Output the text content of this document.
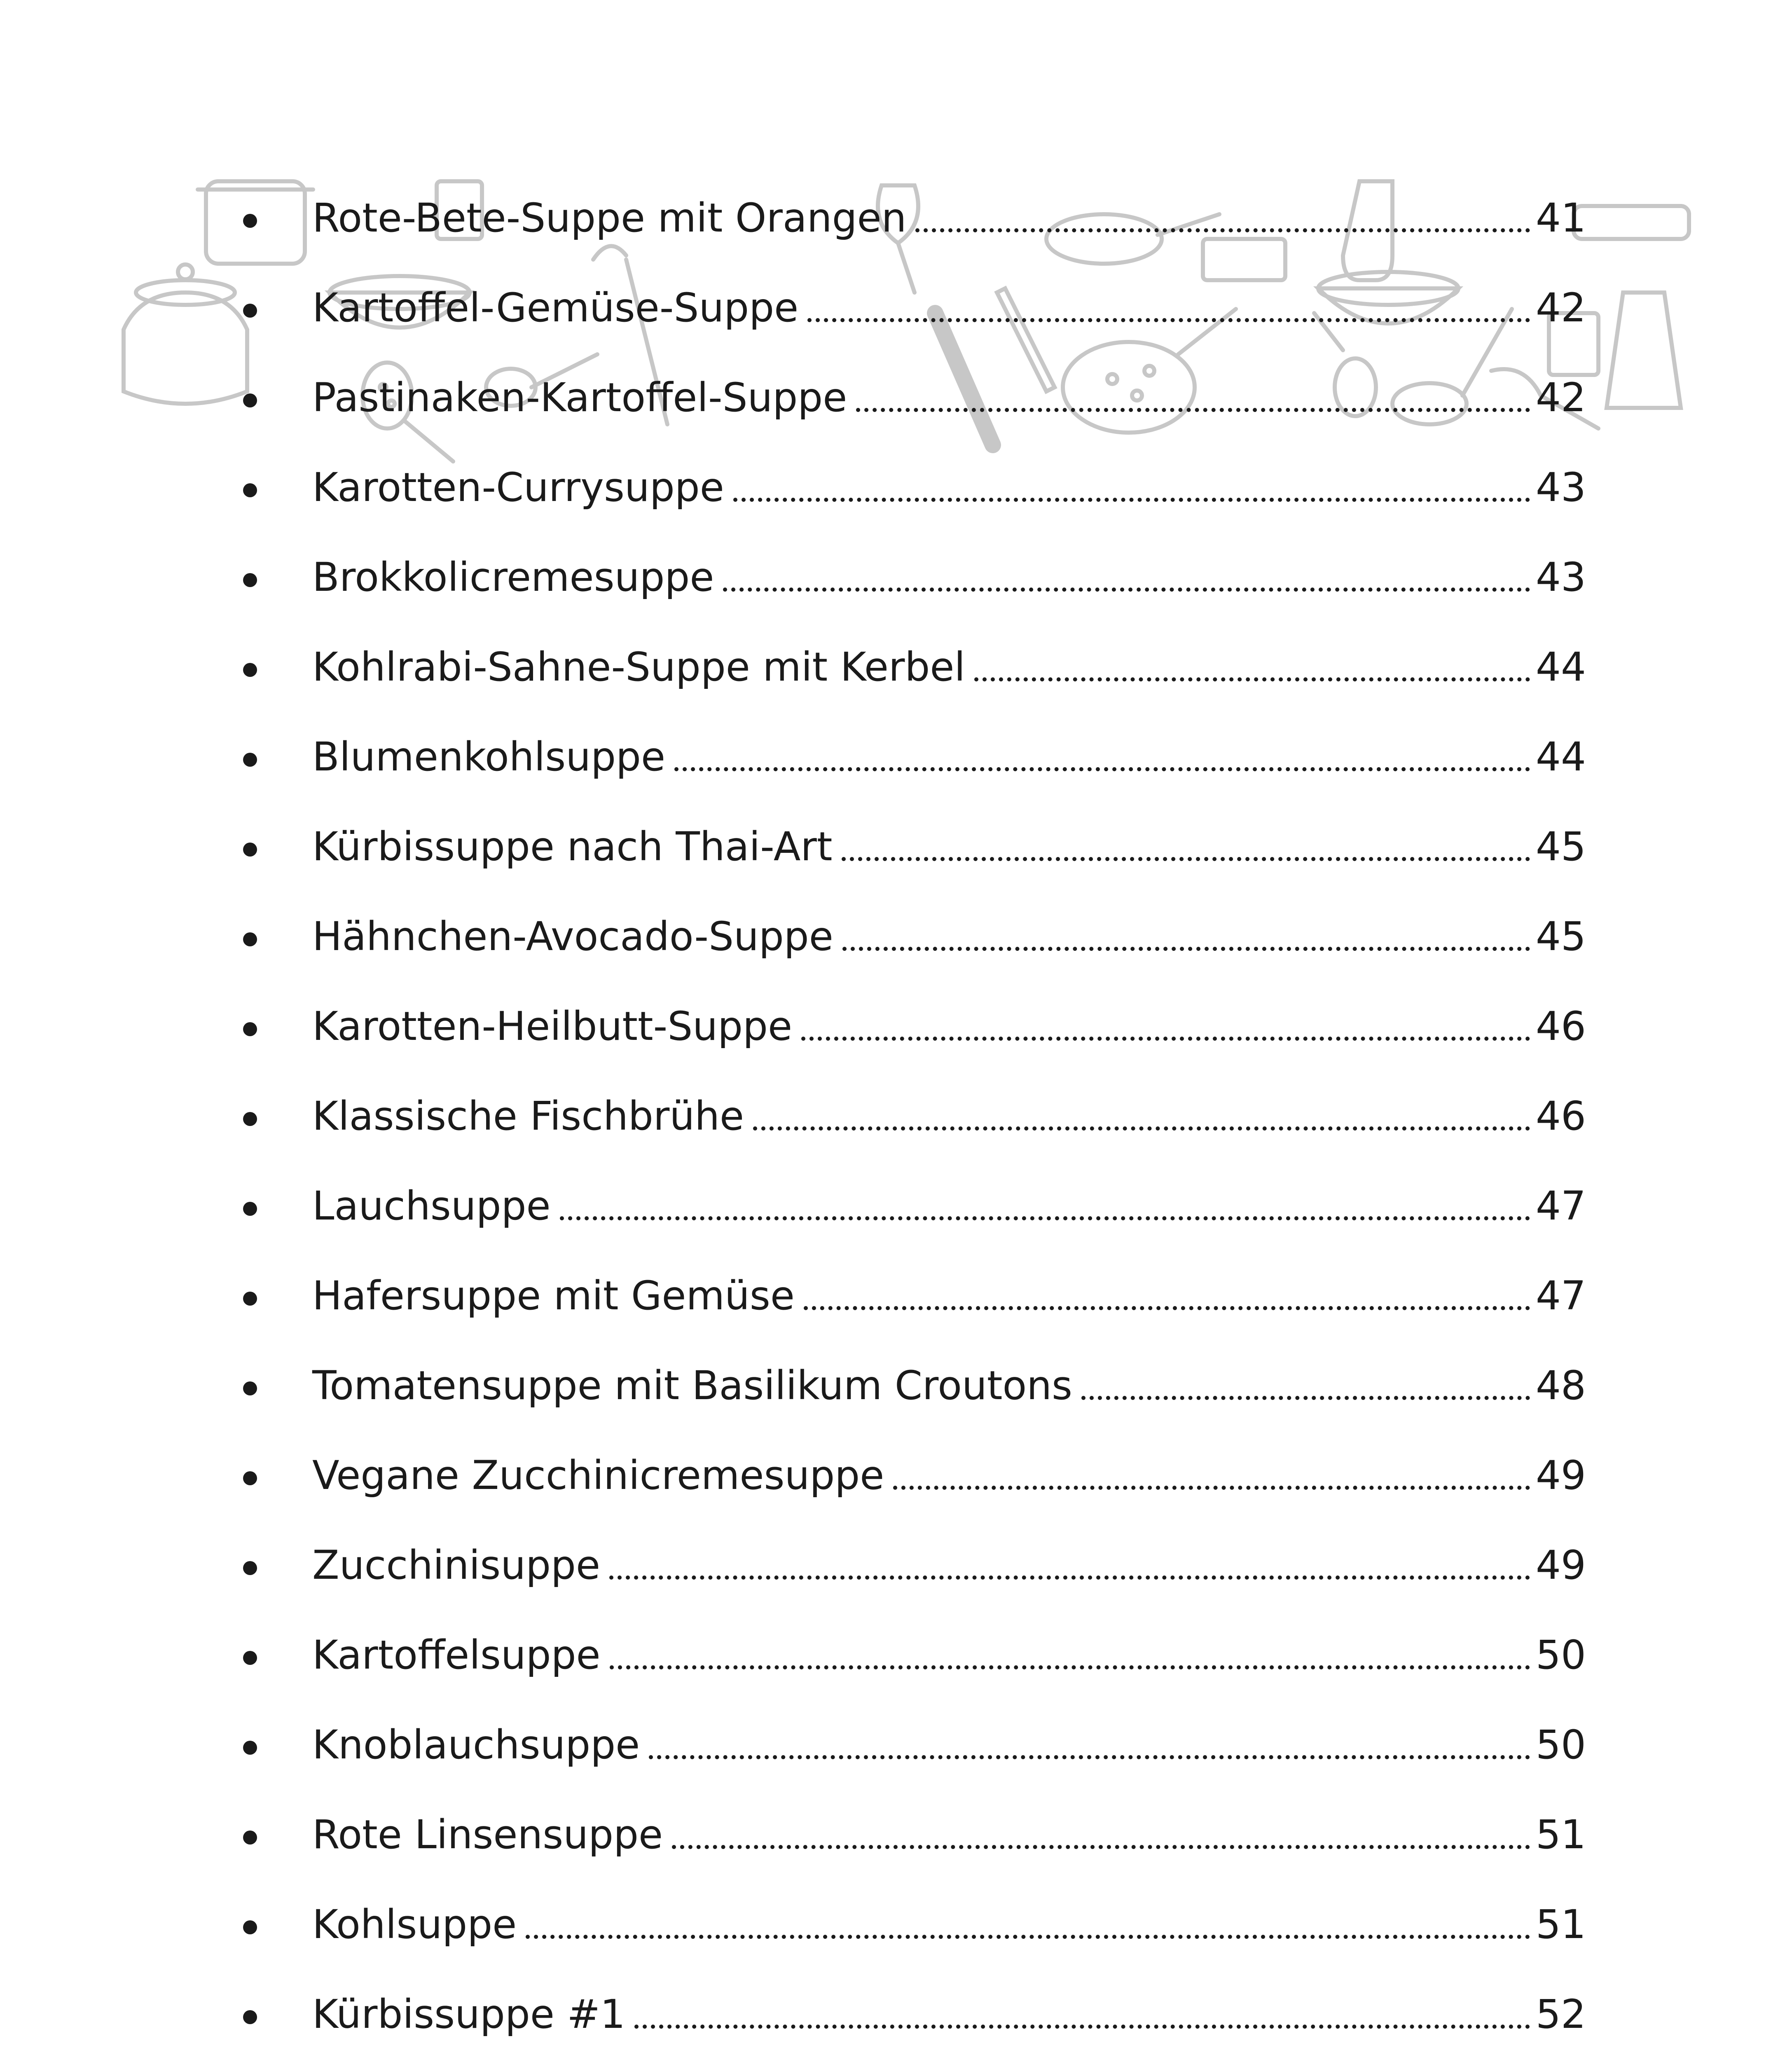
Rote-Bete-Suppe mit Orangen	41
Kartoffel-Gemüse-Suppe	42
Pastinaken-Kartoffel-Suppe	42
Karotten-Currysuppe	43
Brokkolicremesuppe	43
Kohlrabi-Sahne-Suppe mit Kerbel	44
Blumenkohlsuppe	44
Kürbissuppe nach Thai-Art	45
Hähnchen-Avocado-Suppe	45
Karotten-Heilbutt-Suppe	46
Klassische Fischbrühe	46
Lauchsuppe	47
Hafersuppe mit Gemüse	47
Tomatensuppe mit Basilikum Croutons	48
Vegane Zucchinicremesuppe	49
Zucchinisuppe	49
Kartoffelsuppe	50
Knoblauchsuppe	50
Rote Linsensuppe	51
Kohlsuppe	51
Kürbissuppe #1	52
